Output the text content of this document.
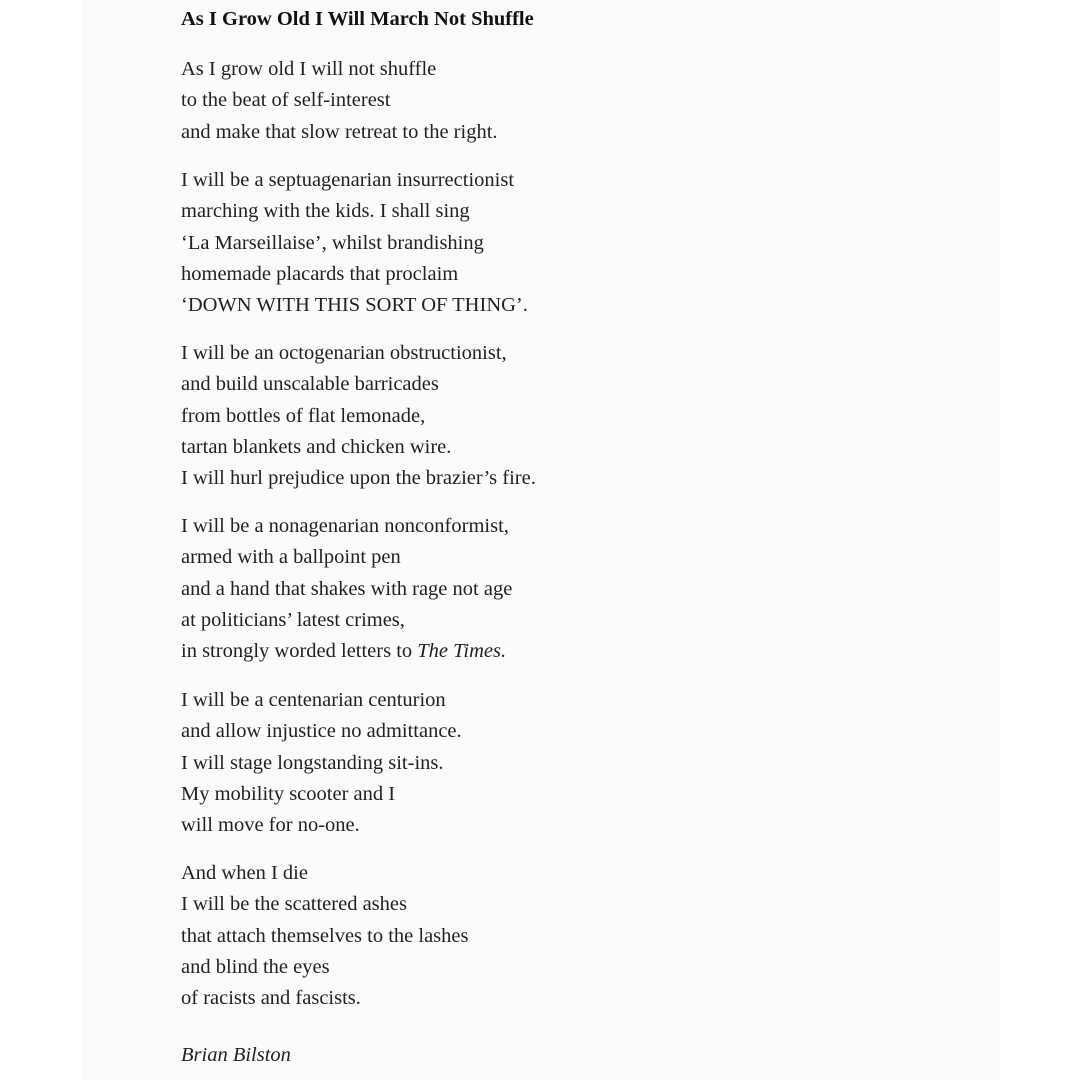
As I Grow Old I Will March Not Shuffle
As I grow old I will not shuffle
to the beat of self-interest
and make that slow retreat to the right.
I will be a septuagenarian insurrectionist
marching with the kids. I shall sing
‘La Marseillaise’, whilst brandishing
homemade placards that proclaim
‘DOWN WITH THIS SORT OF THING’.
I will be an octogenarian obstructionist,
and build unscalable barricades
from bottles of flat lemonade,
tartan blankets and chicken wire.
I will hurl prejudice upon the brazier’s fire.
I will be a nonagenarian nonconformist,
armed with a ballpoint pen
and a hand that shakes with rage not age
at politicians’ latest crimes,
in strongly worded letters to The Times.
I will be a centenarian centurion
and allow injustice no admittance.
I will stage longstanding sit-ins.
My mobility scooter and I
will move for no-one.
And when I die
I will be the scattered ashes
that attach themselves to the lashes
and blind the eyes
of racists and fascists.
Brian Bilston
